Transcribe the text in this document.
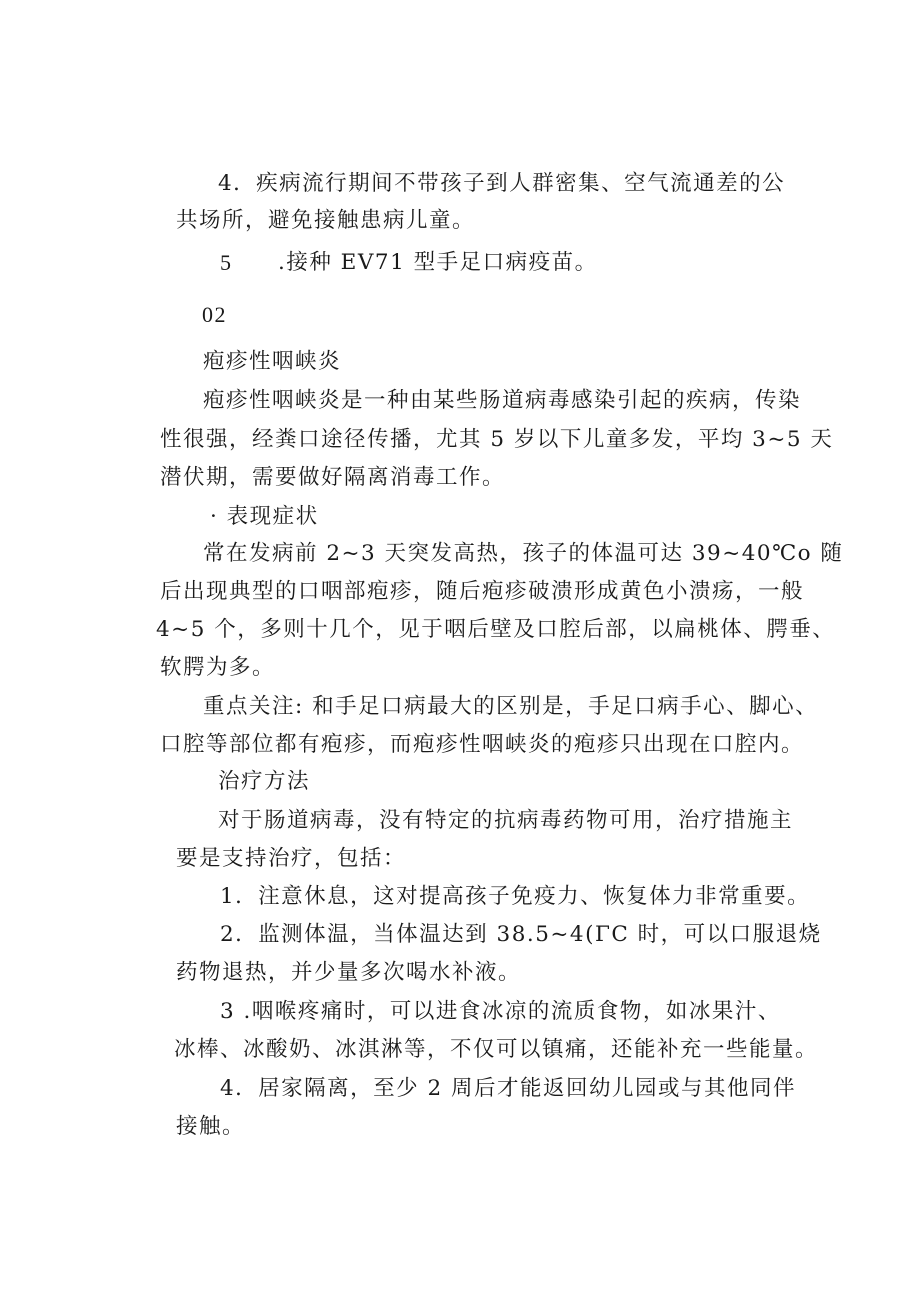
4．疾病流行期间不带孩子到人群密集、空气流通差的公
共场所，避免接触患病儿童。
5 .接种 EV71 型手足口病疫苗。
02
疱疹性咽峡炎
疱疹性咽峡炎是一种由某些肠道病毒感染引起的疾病，传染
性很强，经粪口途径传播，尤其 5 岁以下儿童多发，平均 3~5 天
潜伏期，需要做好隔离消毒工作。
· 表现症状
常在发病前 2~3 天突发高热，孩子的体温可达 39~40℃o 随
后出现典型的口咽部疱疹，随后疱疹破溃形成黄色小溃疡，一般
4~5 个，多则十几个，见于咽后壁及口腔后部，以扁桃体、腭垂、
软腭为多。
重点关注: 和手足口病最大的区别是，手足口病手心、脚心、
口腔等部位都有疱疹，而疱疹性咽峡炎的疱疹只出现在口腔内。
治疗方法
对于肠道病毒，没有特定的抗病毒药物可用，治疗措施主
要是支持治疗，包括：
1．注意休息，这对提高孩子免疫力、恢复体力非常重要。
2．监测体温，当体温达到 38.5~4(ΓC 时，可以口服退烧
药物退热，并少量多次喝水补液。
3 .咽喉疼痛时，可以进食冰凉的流质食物，如冰果汁、
冰棒、冰酸奶、冰淇淋等，不仅可以镇痛，还能补充一些能量。
4．居家隔离，至少 2 周后才能返回幼儿园或与其他同伴
接触。
